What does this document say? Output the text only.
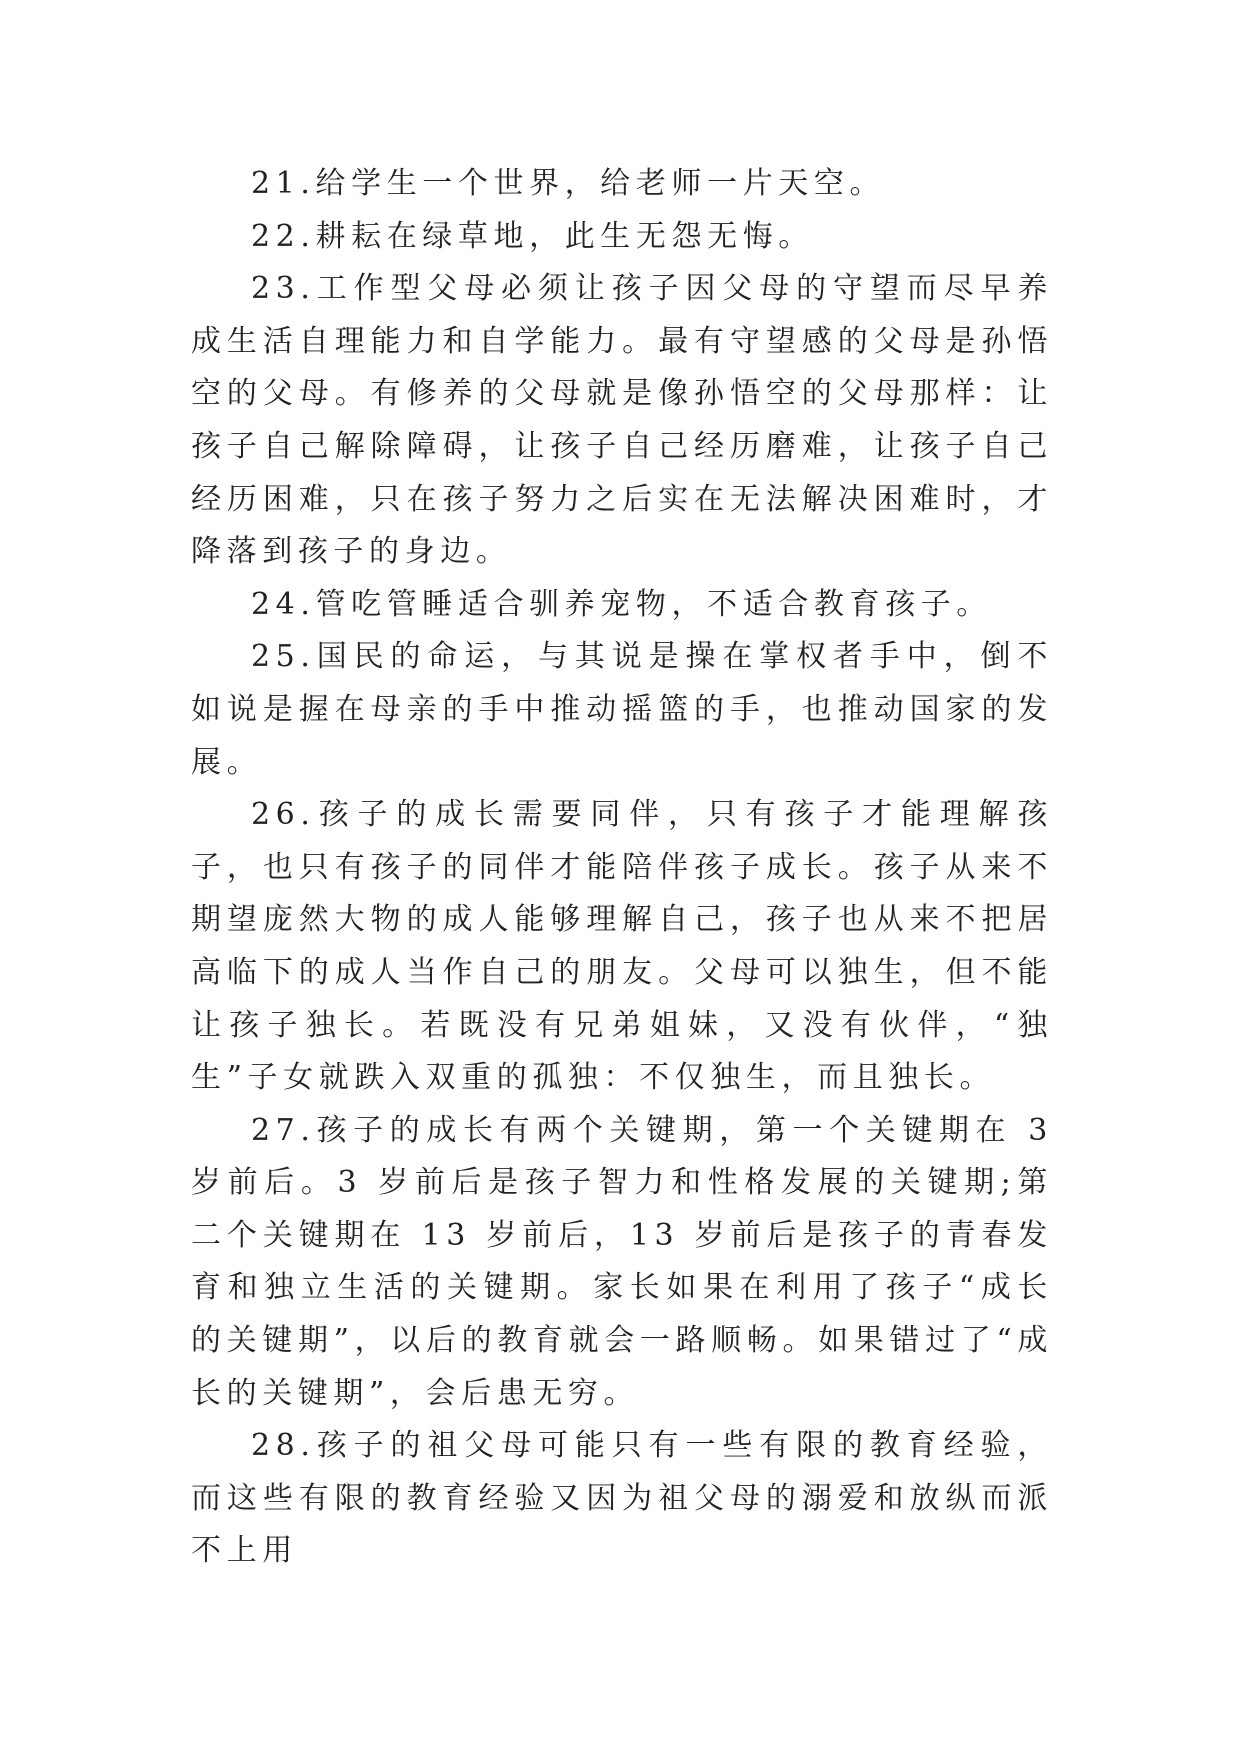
21.给学生一个世界，给老师一片天空。

22.耕耘在绿草地，此生无怨无悔。

23.工作型父母必须让孩子因父母的守望而尽早养成生活自理能力和自学能力。最有守望感的父母是孙悟空的父母。有修养的父母就是像孙悟空的父母那样：让孩子自己解除障碍，让孩子自己经历磨难，让孩子自己经历困难，只在孩子努力之后实在无法解决困难时，才降落到孩子的身边。

24.管吃管睡适合驯养宠物，不适合教育孩子。

25.国民的命运，与其说是操在掌权者手中，倒不如说是握在母亲的手中推动摇篮的手，也推动国家的发展。

26.孩子的成长需要同伴，只有孩子才能理解孩子，也只有孩子的同伴才能陪伴孩子成长。孩子从来不期望庞然大物的成人能够理解自己，孩子也从来不把居高临下的成人当作自己的朋友。父母可以独生，但不能让孩子独长。若既没有兄弟姐妹，又没有伙伴，“独生”子女就跌入双重的孤独：不仅独生，而且独长。

27.孩子的成长有两个关键期，第一个关键期在 3 岁前后。3 岁前后是孩子智力和性格发展的关键期;第二个关键期在 13 岁前后，13 岁前后是孩子的青春发育和独立生活的关键期。家长如果在利用了孩子“成长的关键期”，以后的教育就会一路顺畅。如果错过了“成长的关键期”，会后患无穷。

28.孩子的祖父母可能只有一些有限的教育经验，而这些有限的教育经验又因为祖父母的溺爱和放纵而派不上用
